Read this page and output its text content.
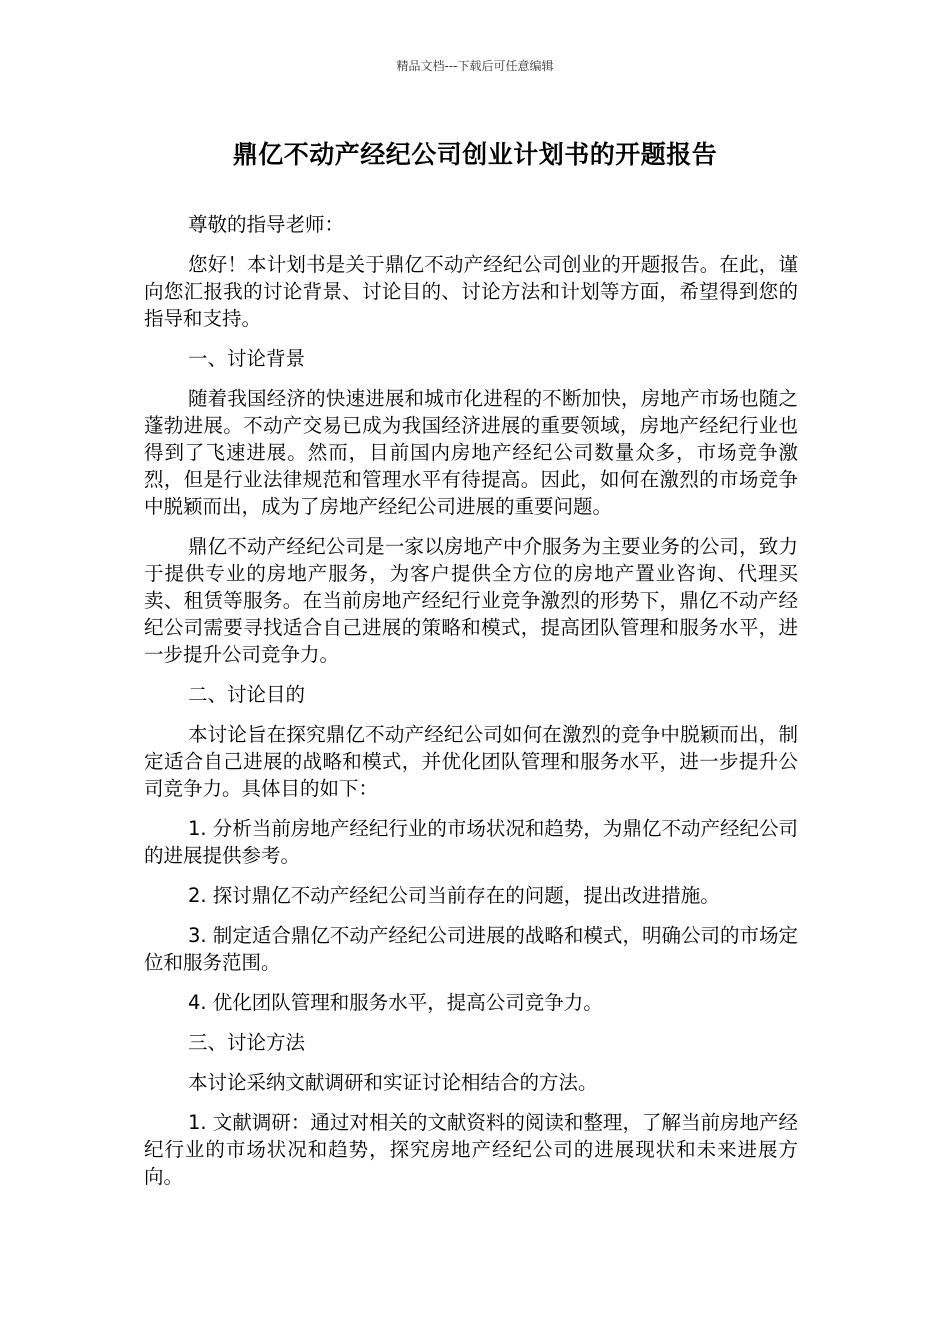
精品文档---下载后可任意编辑
鼎亿不动产经纪公司创业计划书的开题报告

尊敬的指导老师：

您好！本计划书是关于鼎亿不动产经纪公司创业的开题报告。在此，谨向您汇报我的讨论背景、讨论目的、讨论方法和计划等方面，希望得到您的指导和支持。

一、讨论背景

随着我国经济的快速进展和城市化进程的不断加快，房地产市场也随之蓬勃进展。不动产交易已成为我国经济进展的重要领域，房地产经纪行业也得到了飞速进展。然而，目前国内房地产经纪公司数量众多，市场竞争激烈，但是行业法律规范和管理水平有待提高。因此，如何在激烈的市场竞争中脱颖而出，成为了房地产经纪公司进展的重要问题。

鼎亿不动产经纪公司是一家以房地产中介服务为主要业务的公司，致力于提供专业的房地产服务，为客户提供全方位的房地产置业咨询、代理买卖、租赁等服务。在当前房地产经纪行业竞争激烈的形势下，鼎亿不动产经纪公司需要寻找适合自己进展的策略和模式，提高团队管理和服务水平，进一步提升公司竞争力。

二、讨论目的

本讨论旨在探究鼎亿不动产经纪公司如何在激烈的竞争中脱颖而出，制定适合自己进展的战略和模式，并优化团队管理和服务水平，进一步提升公司竞争力。具体目的如下：

1. 分析当前房地产经纪行业的市场状况和趋势，为鼎亿不动产经纪公司的进展提供参考。

2. 探讨鼎亿不动产经纪公司当前存在的问题，提出改进措施。

3. 制定适合鼎亿不动产经纪公司进展的战略和模式，明确公司的市场定位和服务范围。

4. 优化团队管理和服务水平，提高公司竞争力。

三、讨论方法

本讨论采纳文献调研和实证讨论相结合的方法。

1. 文献调研：通过对相关的文献资料的阅读和整理，了解当前房地产经纪行业的市场状况和趋势，探究房地产经纪公司的进展现状和未来进展方向。
